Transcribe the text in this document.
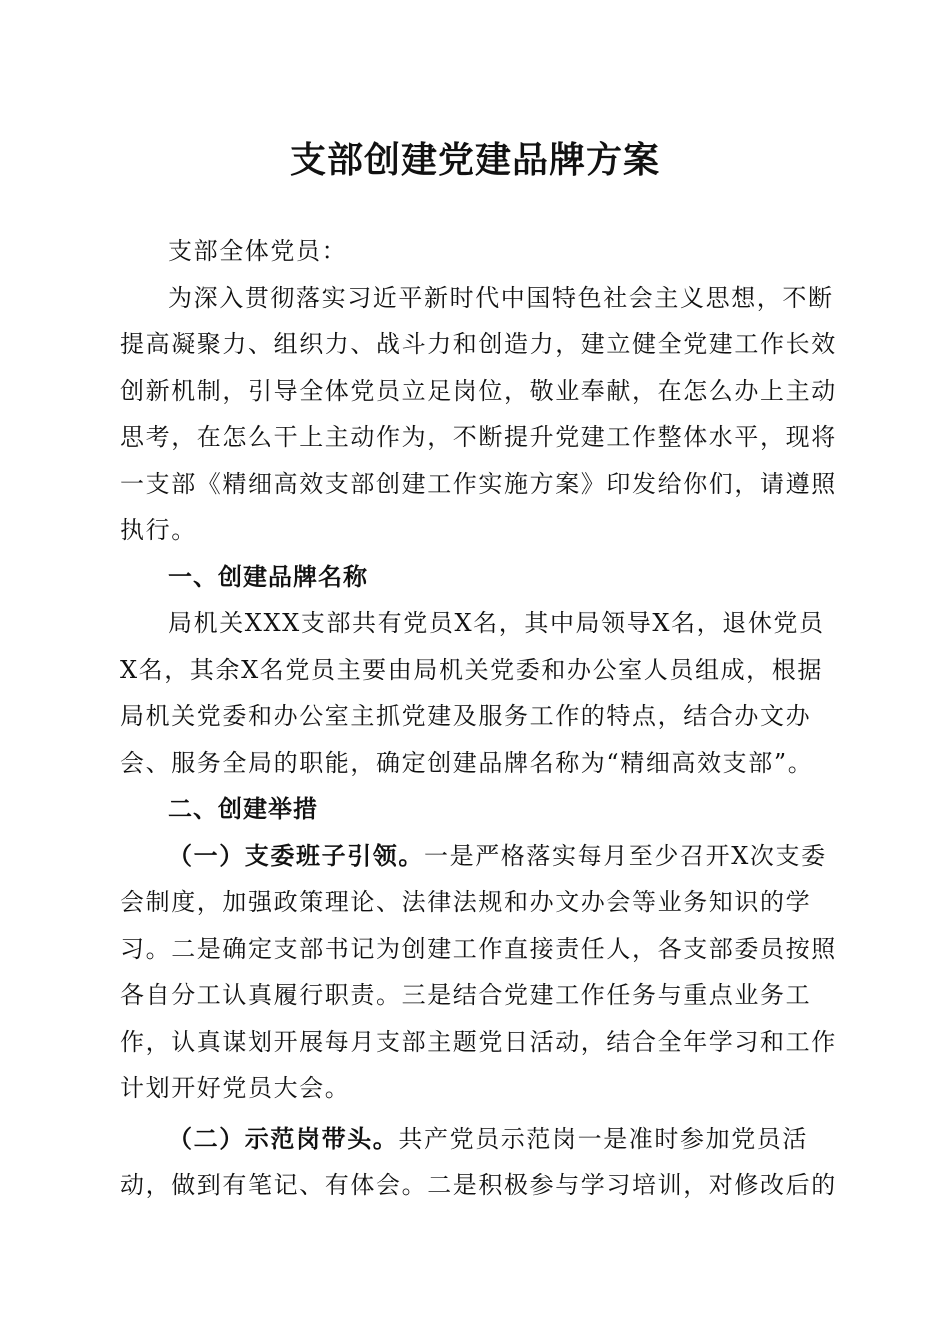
支部创建党建品牌方案

支部全体党员：

为深入贯彻落实习近平新时代中国特色社会主义思想，不断提高凝聚力、组织力、战斗力和创造力，建立健全党建工作长效创新机制，引导全体党员立足岗位，敬业奉献，在怎么办上主动思考，在怎么干上主动作为，不断提升党建工作整体水平，现将一支部《精细高效支部创建工作实施方案》印发给你们，请遵照执行。

一、创建品牌名称

局机关XXX支部共有党员X名，其中局领导X名，退休党员X名，其余X名党员主要由局机关党委和办公室人员组成，根据局机关党委和办公室主抓党建及服务工作的特点，结合办文办会、服务全局的职能，确定创建品牌名称为“精细高效支部”。

二、创建举措

（一）支委班子引领。一是严格落实每月至少召开X次支委会制度，加强政策理论、法律法规和办文办会等业务知识的学习。二是确定支部书记为创建工作直接责任人，各支部委员按照各自分工认真履行职责。三是结合党建工作任务与重点业务工作，认真谋划开展每月支部主题党日活动，结合全年学习和工作计划开好党员大会。

（二）示范岗带头。共产党员示范岗一是准时参加党员活动，做到有笔记、有体会。二是积极参与学习培训，对修改后的
